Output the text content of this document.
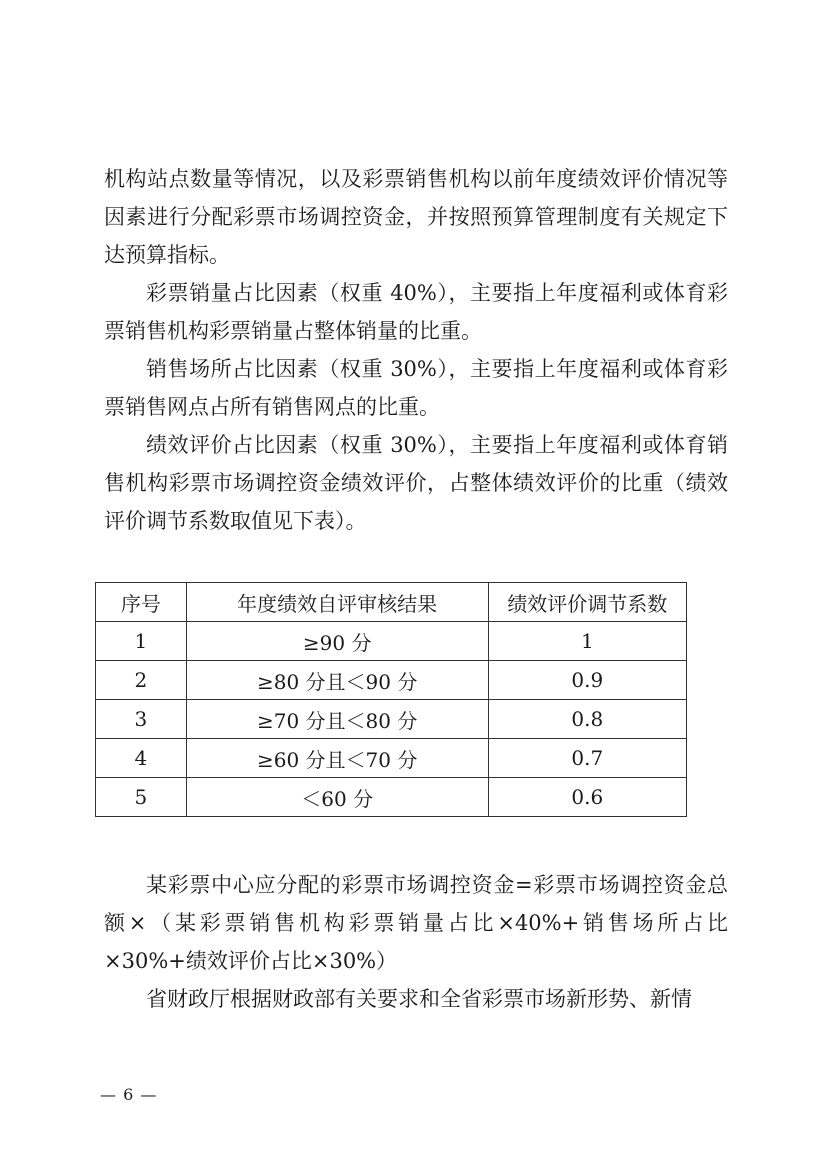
机构站点数量等情况，以及彩票销售机构以前年度绩效评价情况等因素进行分配彩票市场调控资金，并按照预算管理制度有关规定下达预算指标。

彩票销量占比因素（权重 40%），主要指上年度福利或体育彩票销售机构彩票销量占整体销量的比重。

销售场所占比因素（权重 30%），主要指上年度福利或体育彩票销售网点占所有销售网点的比重。

绩效评价占比因素（权重 30%），主要指上年度福利或体育销售机构彩票市场调控资金绩效评价，占整体绩效评价的比重（绩效评价调节系数取值见下表）。

序号	年度绩效自评审核结果	绩效评价调节系数
1	≥90 分	1
2	≥80 分且＜90 分	0.9
3	≥70 分且＜80 分	0.8
4	≥60 分且＜70 分	0.7
5	＜60 分	0.6

某彩票中心应分配的彩票市场调控资金=彩票市场调控资金总额×（某彩票销售机构彩票销量占比×40%+销售场所占比×30%+绩效评价占比×30%）

省财政厅根据财政部有关要求和全省彩票市场新形势、新情

— 6 —
